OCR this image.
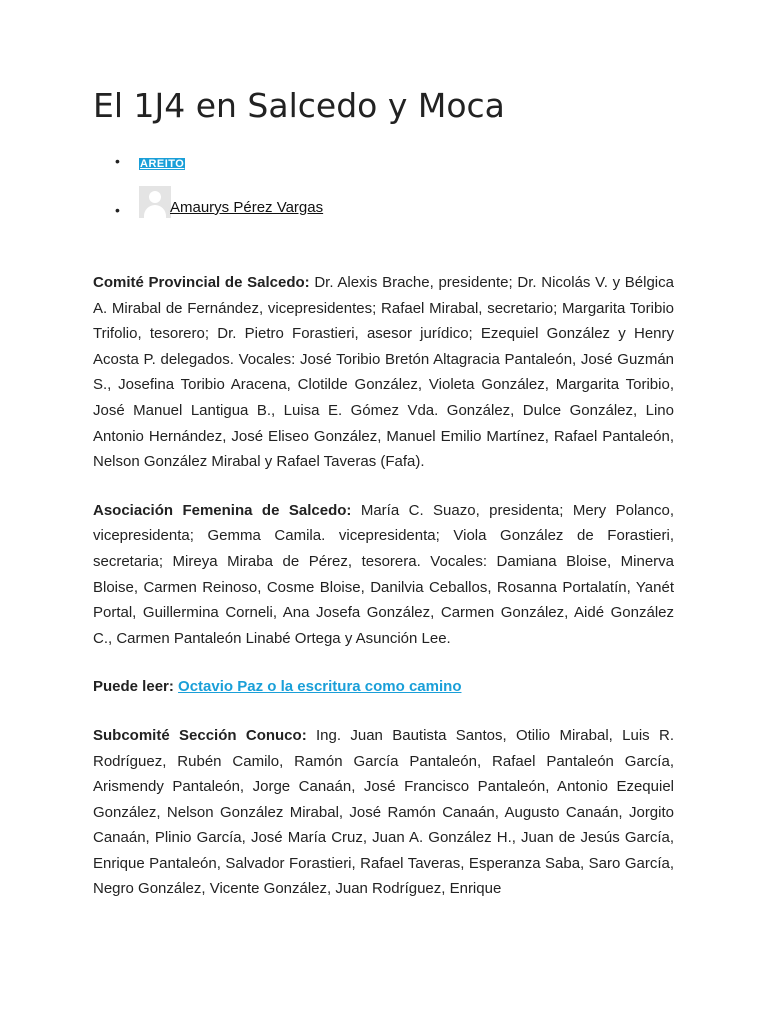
El 1J4 en Salcedo y Moca
• $_{AREITO}$
•	Amaurys Pérez Vargas

Comité Provincial de Salcedo: Dr. Alexis Brache, presidente; Dr. Nicolás V. y Bélgica A. Mirabal de Fernández, vicepresidentes; Rafael Mirabal, secretario; Margarita Toribio Trifolio, tesorero; Dr. Pietro Forastieri, asesor jurídico; Ezequiel González y Henry Acosta P. delegados. Vocales: José Toribio Bretón Altagracia Pantaleón, José Guzmán S., Josefina Toribio Aracena, Clotilde González, Violeta González, Margarita Toribio, José Manuel Lantigua B., Luisa E. Gómez Vda. González, Dulce González, Lino Antonio Hernández, José Eliseo González, Manuel Emilio Martínez, Rafael Pantaleón, Nelson González Mirabal y Rafael Taveras (Fafa).

Asociación Femenina de Salcedo: María C. Suazo, presidenta; Mery Polanco, vicepresidenta; Gemma Camila. vicepresidenta; Viola González de Forastieri, secretaria; Mireya Miraba de Pérez, tesorera. Vocales: Damiana Bloise, Minerva Bloise, Carmen Reinoso, Cosme Bloise, Danilvia Ceballos, Rosanna Portalatín, Yanét Portal, Guillermina Corneli, Ana Josefa González, Carmen González, Aidé González C., Carmen Pantaleón Linabé Ortega y Asunción Lee.

Puede leer: Octavio Paz o la escritura como camino

Subcomité Sección Conuco: Ing. Juan Bautista Santos, Otilio Mirabal, Luis R. Rodríguez, Rubén Camilo, Ramón García Pantaleón, Rafael Pantaleón García, Arismendy Pantaleón, Jorge Canaán, José Francisco Pantaleón, Antonio Ezequiel González, Nelson González Mirabal, José Ramón Canaán, Augusto Canaán, Jorgito Canaán, Plinio García, José María Cruz, Juan A. González H., Juan de Jesús García, Enrique Pantaleón, Salvador Forastieri, Rafael Taveras, Esperanza Saba, Saro García, Negro González, Vicente González, Juan Rodríguez, Enrique
